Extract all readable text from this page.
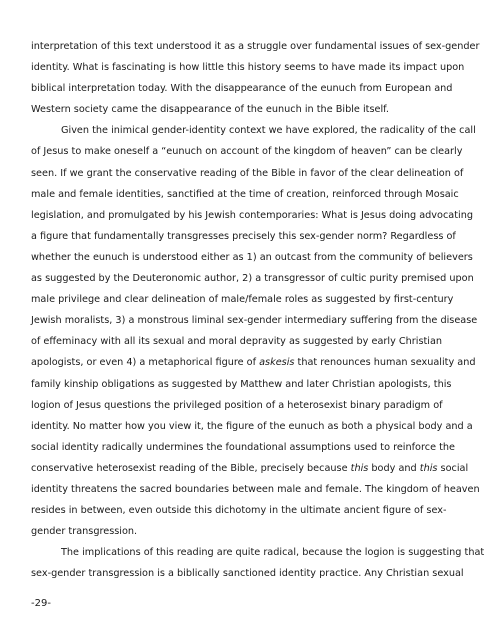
interpretation of this text understood it as a struggle over fundamental issues of sex-gender
identity. What is fascinating is how little this history seems to have made its impact upon
biblical interpretation today. With the disappearance of the eunuch from European and
Western society came the disappearance of the eunuch in the Bible itself.
Given the inimical gender-identity context we have explored, the radicality of the call
of Jesus to make oneself a “eunuch on account of the kingdom of heaven” can be clearly
seen. If we grant the conservative reading of the Bible in favor of the clear delineation of
male and female identities, sanctified at the time of creation, reinforced through Mosaic
legislation, and promulgated by his Jewish contemporaries: What is Jesus doing advocating
a figure that fundamentally transgresses precisely this sex-gender norm? Regardless of
whether the eunuch is understood either as 1) an outcast from the community of believers
as suggested by the Deuteronomic author, 2) a transgressor of cultic purity premised upon
male privilege and clear delineation of male/female roles as suggested by first-century
Jewish moralists, 3) a monstrous liminal sex-gender intermediary suffering from the disease
of effeminacy with all its sexual and moral depravity as suggested by early Christian
apologists, or even 4) a metaphorical figure of askesis that renounces human sexuality and
family kinship obligations as suggested by Matthew and later Christian apologists, this
logion of Jesus questions the privileged position of a heterosexist binary paradigm of
identity. No matter how you view it, the figure of the eunuch as both a physical body and a
social identity radically undermines the foundational assumptions used to reinforce the
conservative heterosexist reading of the Bible, precisely because this body and this social
identity threatens the sacred boundaries between male and female. The kingdom of heaven
resides in between, even outside this dichotomy in the ultimate ancient figure of sex-
gender transgression.
The implications of this reading are quite radical, because the logion is suggesting that
sex-gender transgression is a biblically sanctioned identity practice. Any Christian sexual
-29-
